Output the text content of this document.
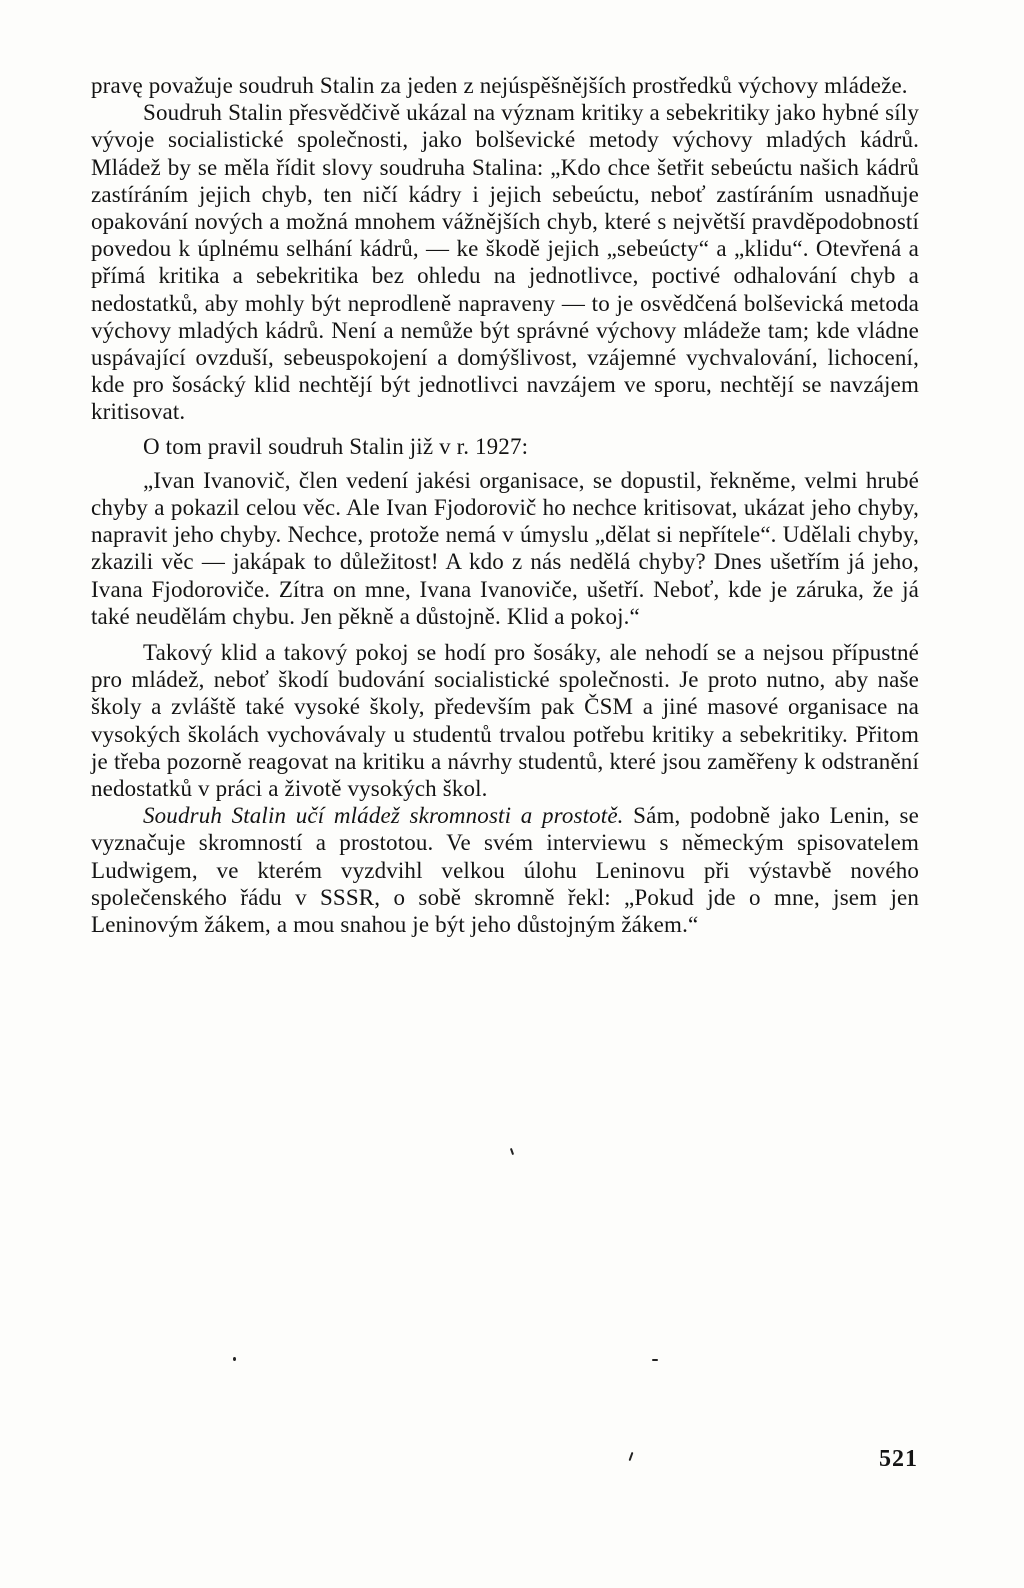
pravę považuje soudruh Stalin za jeden z nejúspěšnějších prostředků výchovy mládeže.

Soudruh Stalin přesvědčivě ukázal na význam kritiky a sebekritiky jako hybné síly vývoje socialistické společnosti, jako bolševické metody výchovy mladých kádrů. Mládež by se měla řídit slovy soudruha Stalina: „Kdo chce šetřit sebeúctu našich kádrů zastíráním jejich chyb, ten ničí kádry i jejich sebeúctu, neboť zastíráním usnadňuje opakování nových a možná mnohem vážnějších chyb, které s největší pravděpodobností povedou k úplnému selhání kádrů, — ke škodě jejich „sebeúcty“ a „klidu“. Otevřená a přímá kritika a sebekritika bez ohledu na jednotlivce, poctivé odhalování chyb a nedostatků, aby mohly být neprodleně napraveny — to je osvědčená bolševická metoda výchovy mladých kádrů. Není a nemůže být správné výchovy mládeže tam; kde vládne uspávající ovzduší, sebeuspokojení a domýšlivost, vzájemné vychvalování, lichocení, kde pro šosácký klid nechtějí být jednotlivci navzájem ve sporu, nechtějí se navzájem kritisovat.

O tom pravil soudruh Stalin již v r. 1927:

„Ivan Ivanovič, člen vedení jakési organisace, se dopustil, řekněme, velmi hrubé chyby a pokazil celou věc. Ale Ivan Fjodorovič ho nechce kritisovat, ukázat jeho chyby, napravit jeho chyby. Nechce, protože nemá v úmyslu „dělat si nepřítele“. Udělali chyby, zkazili věc — jakápak to důležitost! A kdo z nás nedělá chyby? Dnes ušetřím já jeho, Ivana Fjodoroviče. Zítra on mne, Ivana Ivanoviče, ušetří. Neboť, kde je záruka, že já také neudělám chybu. Jen pěkně a důstojně. Klid a pokoj.“

Takový klid a takový pokoj se hodí pro šosáky, ale nehodí se a nejsou přípustné pro mládež, neboť škodí budování socialistické společnosti. Je proto nutno, aby naše školy a zvláště také vysoké školy, především pak ČSM a jiné masové organisace na vysokých školách vychovávaly u studentů trvalou potřebu kritiky a sebekritiky. Přitom je třeba pozorně reagovat na kritiku a návrhy studentů, které jsou zaměřeny k odstranění nedostatků v práci a životě vysokých škol.

Soudruh Stalin učí mládež skromnosti a prostotě. Sám, podobně jako Lenin, se vyznačuje skromností a prostotou. Ve svém interviewu s německým spisovatelem Ludwigem, ve kterém vyzdvihl velkou úlohu Leninovu při výstavbě nového společenského řádu v SSSR, o sobě skromně řekl: „Pokud jde o mne, jsem jen Leninovým žákem, a mou snahou je být jeho důstojným žákem.“

521
